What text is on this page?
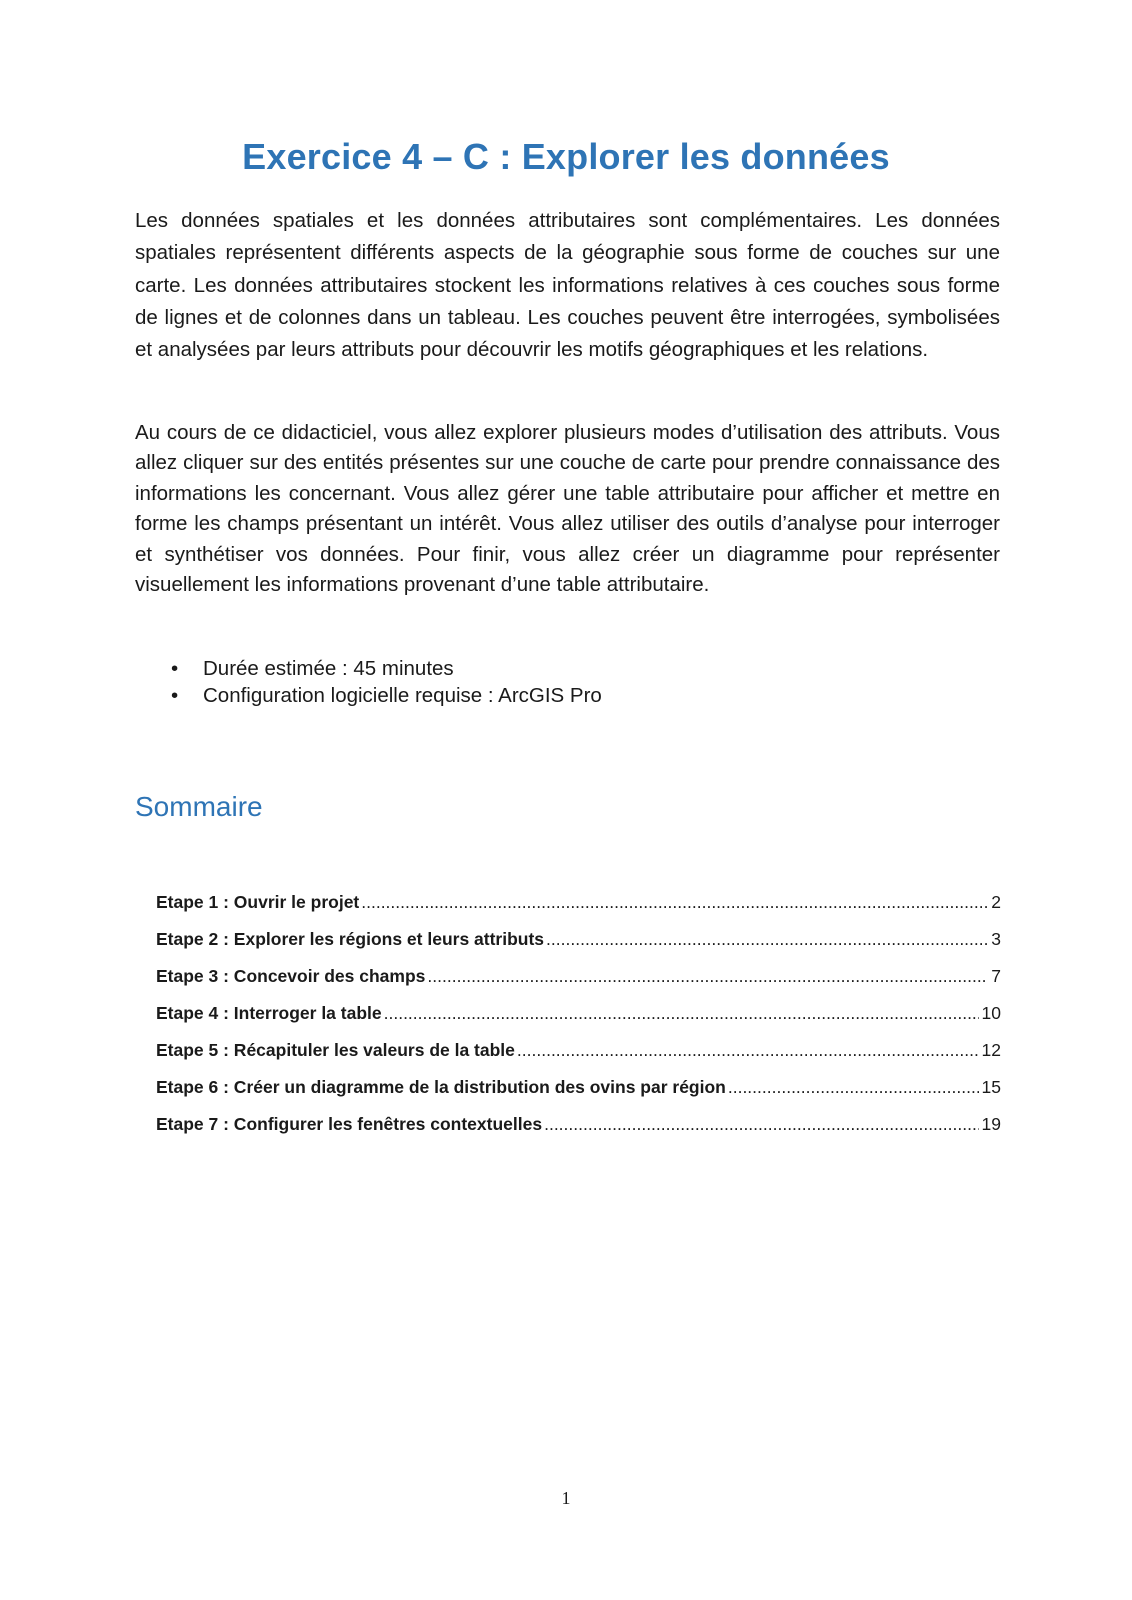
Exercice 4 – C : Explorer les données

Les données spatiales et les données attributaires sont complémentaires. Les données spatiales représentent différents aspects de la géographie sous forme de couches sur une carte. Les données attributaires stockent les informations relatives à ces couches sous forme de lignes et de colonnes dans un tableau. Les couches peuvent être interrogées, symbolisées et analysées par leurs attributs pour découvrir les motifs géographiques et les relations.

Au cours de ce didacticiel, vous allez explorer plusieurs modes d’utilisation des attributs. Vous allez cliquer sur des entités présentes sur une couche de carte pour prendre connaissance des informations les concernant. Vous allez gérer une table attributaire pour afficher et mettre en forme les champs présentant un intérêt. Vous allez utiliser des outils d’analyse pour interroger et synthétiser vos données. Pour finir, vous allez créer un diagramme pour représenter visuellement les informations provenant d’une table attributaire.

• Durée estimée : 45 minutes
• Configuration logicielle requise : ArcGIS Pro
Sommaire
Etape 1 : Ouvrir le projet .....	2
Etape 2 : Explorer les régions et leurs attributs .....	3
Etape 3 : Concevoir des champs .....	7
Etape 4 : Interroger la table .....	10
Etape 5 : Récapituler les valeurs de la table .....	12
Etape 6 : Créer un diagramme de la distribution des ovins par région .....	15
Etape 7 : Configurer les fenêtres contextuelles .....	19

1
